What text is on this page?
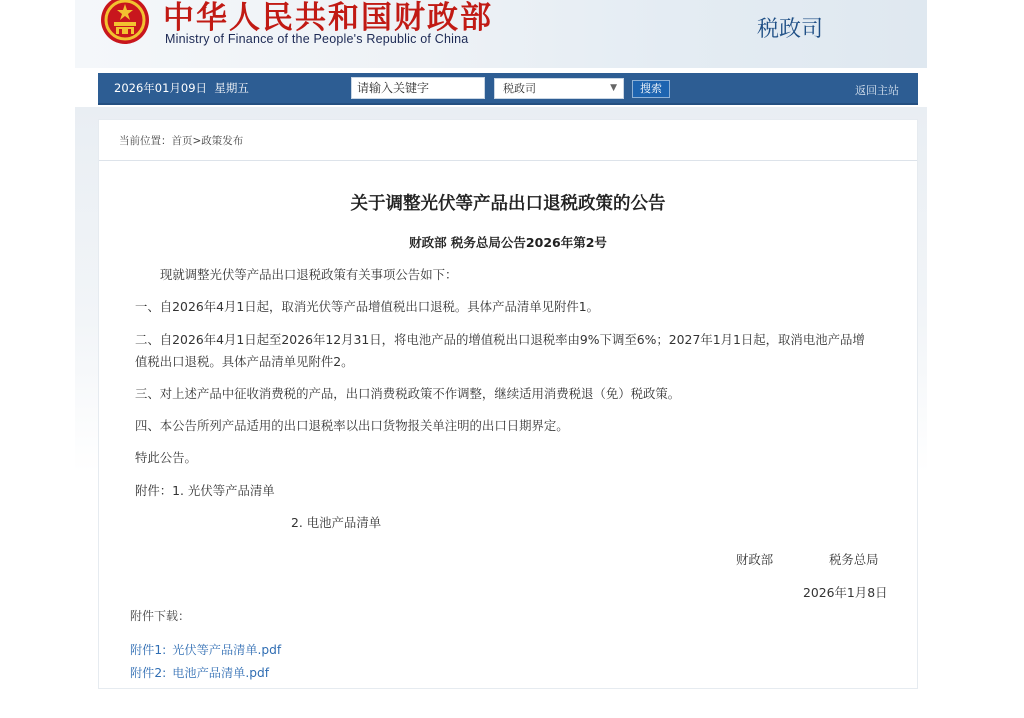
中华人民共和国财政部
Ministry of Finance of the People's Republic of China	税政司
2026年01月09日 星期五	请输入关键字	税政司	▼	搜索	返回主站
当前位置：首页>政策发布
关于调整光伏等产品出口退税政策的公告
财政部 税务总局公告2026年第2号
现就调整光伏等产品出口退税政策有关事项公告如下：
一、自2026年4月1日起，取消光伏等产品增值税出口退税。具体产品清单见附件1。
二、自2026年4月1日起至2026年12月31日，将电池产品的增值税出口退税率由9%下调至6%；2027年1月1日起，取消电池产品增值税出口退税。具体产品清单见附件2。
三、对上述产品中征收消费税的产品，出口消费税政策不作调整，继续适用消费税退（免）税政策。
四、本公告所列产品适用的出口退税率以出口货物报关单注明的出口日期界定。
特此公告。
附件：1. 光伏等产品清单
2. 电池产品清单
财政部	税务总局
2026年1月8日
附件下载：
附件1: 光伏等产品清单.pdf
附件2: 电池产品清单.pdf
